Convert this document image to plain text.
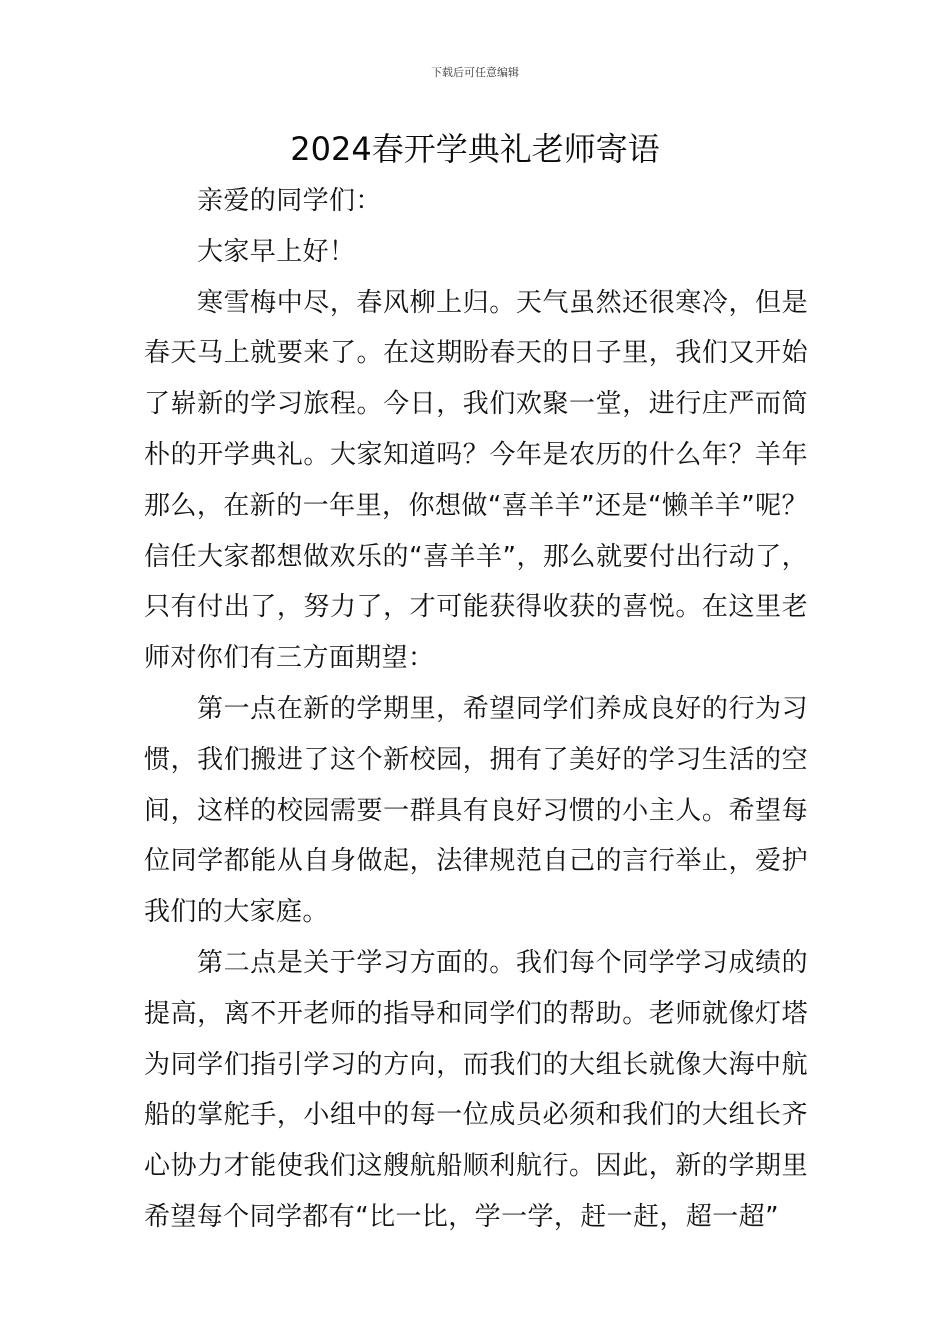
下载后可任意编辑
2024春开学典礼老师寄语

亲爱的同学们：

大家早上好！

寒雪梅中尽，春风柳上归。天气虽然还很寒冷，但是春天马上就要来了。在这期盼春天的日子里，我们又开始了崭新的学习旅程。今日，我们欢聚一堂，进行庄严而简朴的开学典礼。大家知道吗？今年是农历的什么年？羊年那么，在新的一年里，你想做“喜羊羊”还是“懒羊羊”呢？信任大家都想做欢乐的“喜羊羊”，那么就要付出行动了，只有付出了，努力了，才可能获得收获的喜悦。在这里老师对你们有三方面期望：

第一点在新的学期里，希望同学们养成良好的行为习惯，我们搬进了这个新校园，拥有了美好的学习生活的空间，这样的校园需要一群具有良好习惯的小主人。希望每位同学都能从自身做起，法律规范自己的言行举止，爱护我们的大家庭。

第二点是关于学习方面的。我们每个同学学习成绩的提高，离不开老师的指导和同学们的帮助。老师就像灯塔为同学们指引学习的方向，而我们的大组长就像大海中航船的掌舵手，小组中的每一位成员必须和我们的大组长齐心协力才能使我们这艘航船顺利航行。因此，新的学期里希望每个同学都有“比一比，学一学，赶一赶，超一超”
